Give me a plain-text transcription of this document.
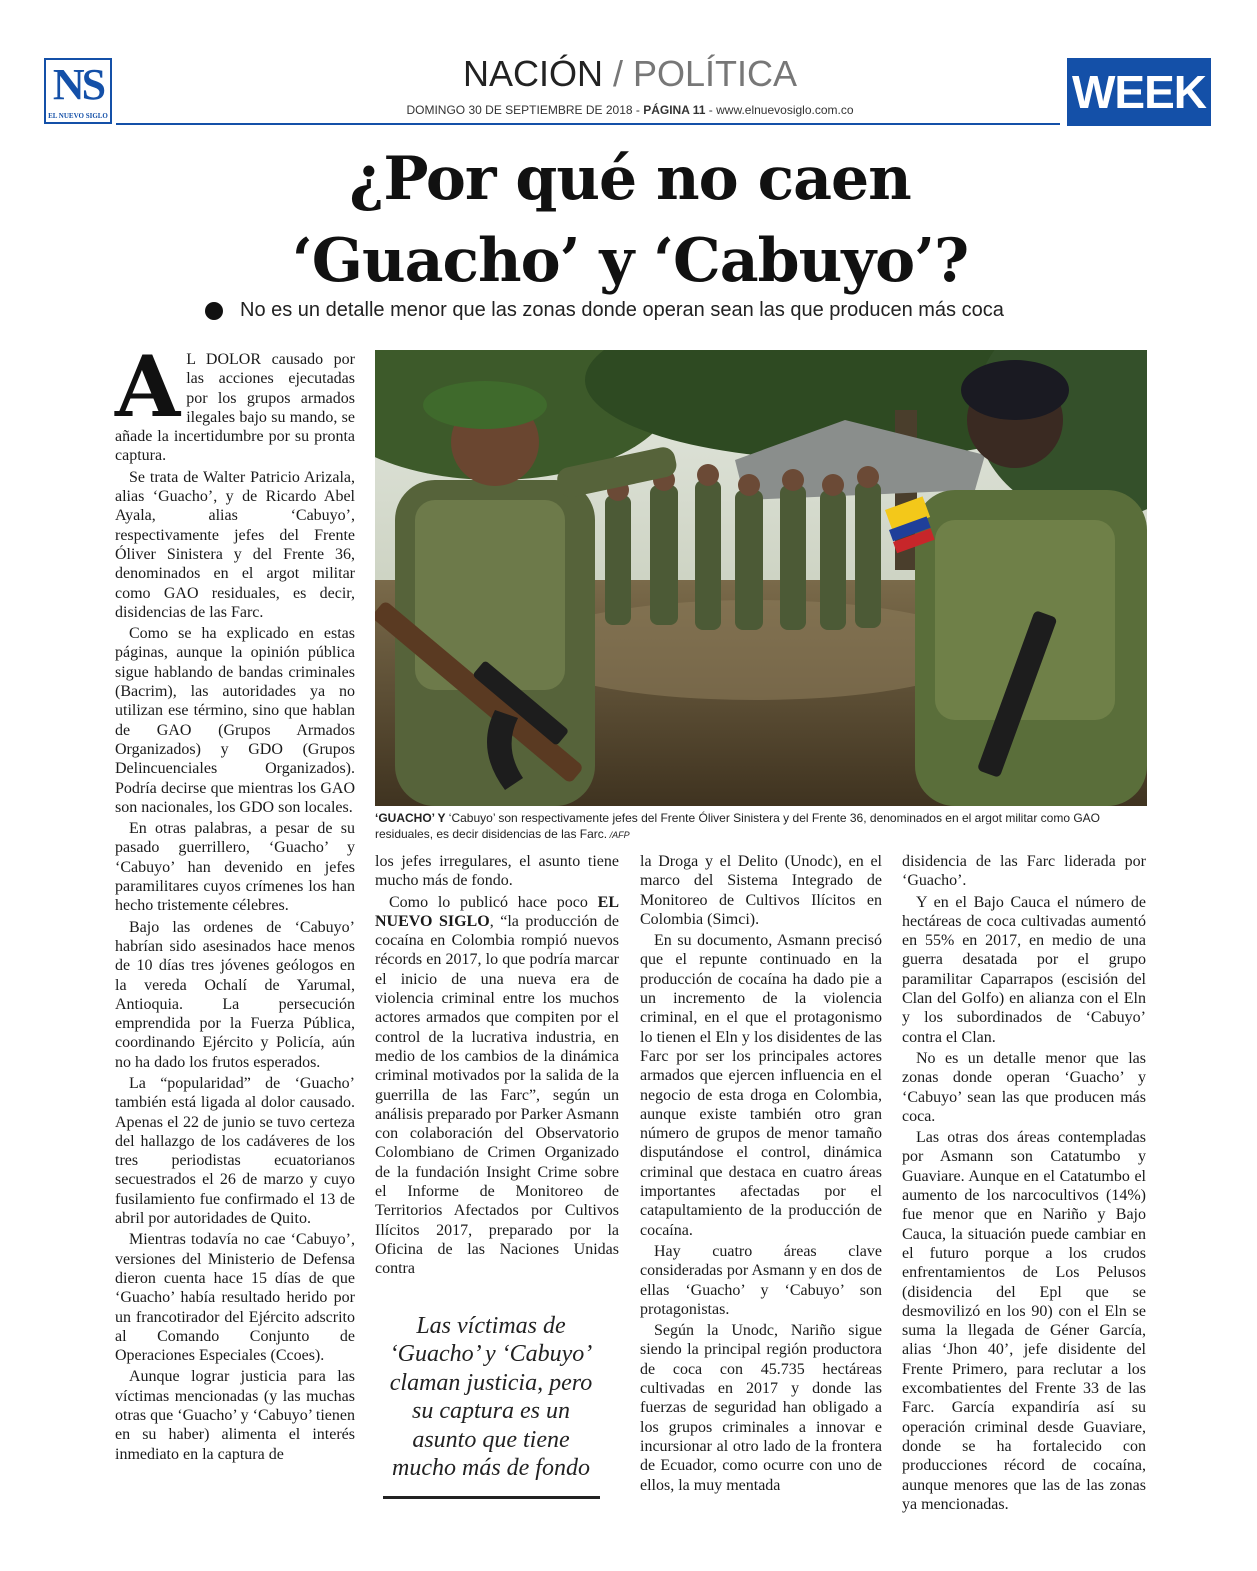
NS
EL NUEVO SIGLO
NACIÓN / POLÍTICA
DOMINGO 30 DE SEPTIEMBRE DE 2018 - PÁGINA 11 - www.elnuevosiglo.com.co	WEEK
¿Por qué no caen
‘Guacho’ y ‘Cabuyo’?
No es un detalle menor que las zonas donde operan sean las que producen más coca

A L DOLOR causado por las acciones ejecutadas por los grupos armados ilegales bajo su mando, se añade la incertidumbre por su pronta captura.

Se trata de Walter Patricio Arizala, alias ‘Guacho’, y de Ricardo Abel Ayala, alias ‘Cabuyo’, respectivamente jefes del Frente Óliver Sinistera y del Frente 36, denominados en el argot militar como GAO residuales, es decir, disidencias de las Farc.

Como se ha explicado en estas páginas, aunque la opinión pública sigue hablando de bandas criminales (Bacrim), las autoridades ya no utilizan ese término, sino que hablan de GAO (Grupos Armados Organizados) y GDO (Grupos Delincuenciales Organizados). Podría decirse que mientras los GAO son nacionales, los GDO son locales.

En otras palabras, a pesar de su pasado guerrillero, ‘Guacho’ y ‘Cabuyo’ han devenido en jefes paramilitares cuyos crímenes los han hecho tristemente célebres.

Bajo las ordenes de ‘Cabuyo’ habrían sido asesinados hace menos de 10 días tres jóvenes geólogos en la vereda Ochalí de Yarumal, Antioquia. La persecución emprendida por la Fuerza Pública, coordinando Ejército y Policía, aún no ha dado los frutos esperados.

La “popularidad” de ‘Guacho’ también está ligada al dolor causado. Apenas el 22 de junio se tuvo certeza del hallazgo de los cadáveres de los tres periodistas ecuatorianos secuestrados el 26 de marzo y cuyo fusilamiento fue confirmado el 13 de abril por autoridades de Quito.

Mientras todavía no cae ‘Cabuyo’, versiones del Ministerio de Defensa dieron cuenta hace 15 días de que ‘Guacho’ había resultado herido por un francotirador del Ejército adscrito al Comando Conjunto de Operaciones Especiales (Ccoes).

Aunque lograr justicia para las víctimas mencionadas (y las muchas otras que ‘Guacho’ y ‘Cabuyo’ tienen en su haber) alimenta el interés inmediato en la captura de

‘GUACHO’ Y ‘Cabuyo’ son respectivamente jefes del Frente Óliver Sinistera y del Frente 36, denominados en el argot militar como GAO residuales, es decir disidencias de las Farc. /AFP

los jefes irregulares, el asunto tiene mucho más de fondo.

Como lo publicó hace poco EL NUEVO SIGLO, “la producción de cocaína en Colombia rompió nuevos récords en 2017, lo que podría marcar el inicio de una nueva era de violencia criminal entre los muchos actores armados que compiten por el control de la lucrativa industria, en medio de los cambios de la dinámica criminal motivados por la salida de la guerrilla de las Farc”, según un análisis preparado por Parker Asmann con colaboración del Observatorio Colombiano de Crimen Organizado de la fundación Insight Crime sobre el Informe de Monitoreo de Territorios Afectados por Cultivos Ilícitos 2017, preparado por la Oficina de las Naciones Unidas contra

Las víctimas de ‘Guacho’ y ‘Cabuyo’ claman justicia, pero su captura es un asunto que tiene mucho más de fondo

la Droga y el Delito (Unodc), en el marco del Sistema Integrado de Monitoreo de Cultivos Ilícitos en Colombia (Simci).

En su documento, Asmann precisó que el repunte continuado en la producción de cocaína ha dado pie a un incremento de la violencia criminal, en el que el protagonismo lo tienen el Eln y los disidentes de las Farc por ser los principales actores armados que ejercen influencia en el negocio de esta droga en Colombia, aunque existe también otro gran número de grupos de menor tamaño disputándose el control, dinámica criminal que destaca en cuatro áreas importantes afectadas por el catapultamiento de la producción de cocaína.

Hay cuatro áreas clave consideradas por Asmann y en dos de ellas ‘Guacho’ y ‘Cabuyo’ son protagonistas.

Según la Unodc, Nariño sigue siendo la principal región productora de coca con 45.735 hectáreas cultivadas en 2017 y donde las fuerzas de seguridad han obligado a los grupos criminales a innovar e incursionar al otro lado de la frontera de Ecuador, como ocurre con uno de ellos, la muy mentada

disidencia de las Farc liderada por ‘Guacho’.

Y en el Bajo Cauca el número de hectáreas de coca cultivadas aumentó en 55% en 2017, en medio de una guerra desatada por el grupo paramilitar Caparrapos (escisión del Clan del Golfo) en alianza con el Eln y los subordinados de ‘Cabuyo’ contra el Clan.

No es un detalle menor que las zonas donde operan ‘Guacho’ y ‘Cabuyo’ sean las que producen más coca.

Las otras dos áreas contempladas por Asmann son Catatumbo y Guaviare. Aunque en el Catatumbo el aumento de los narcocultivos (14%) fue menor que en Nariño y Bajo Cauca, la situación puede cambiar en el futuro porque a los crudos enfrentamientos de Los Pelusos (disidencia del Epl que se desmovilizó en los 90) con el Eln se suma la llegada de Géner García, alias ‘Jhon 40’, jefe disidente del Frente Primero, para reclutar a los excombatientes del Frente 33 de las Farc. García expandiría así su operación criminal desde Guaviare, donde se ha fortalecido con producciones récord de cocaína, aunque menores que las de las zonas ya mencionadas.
